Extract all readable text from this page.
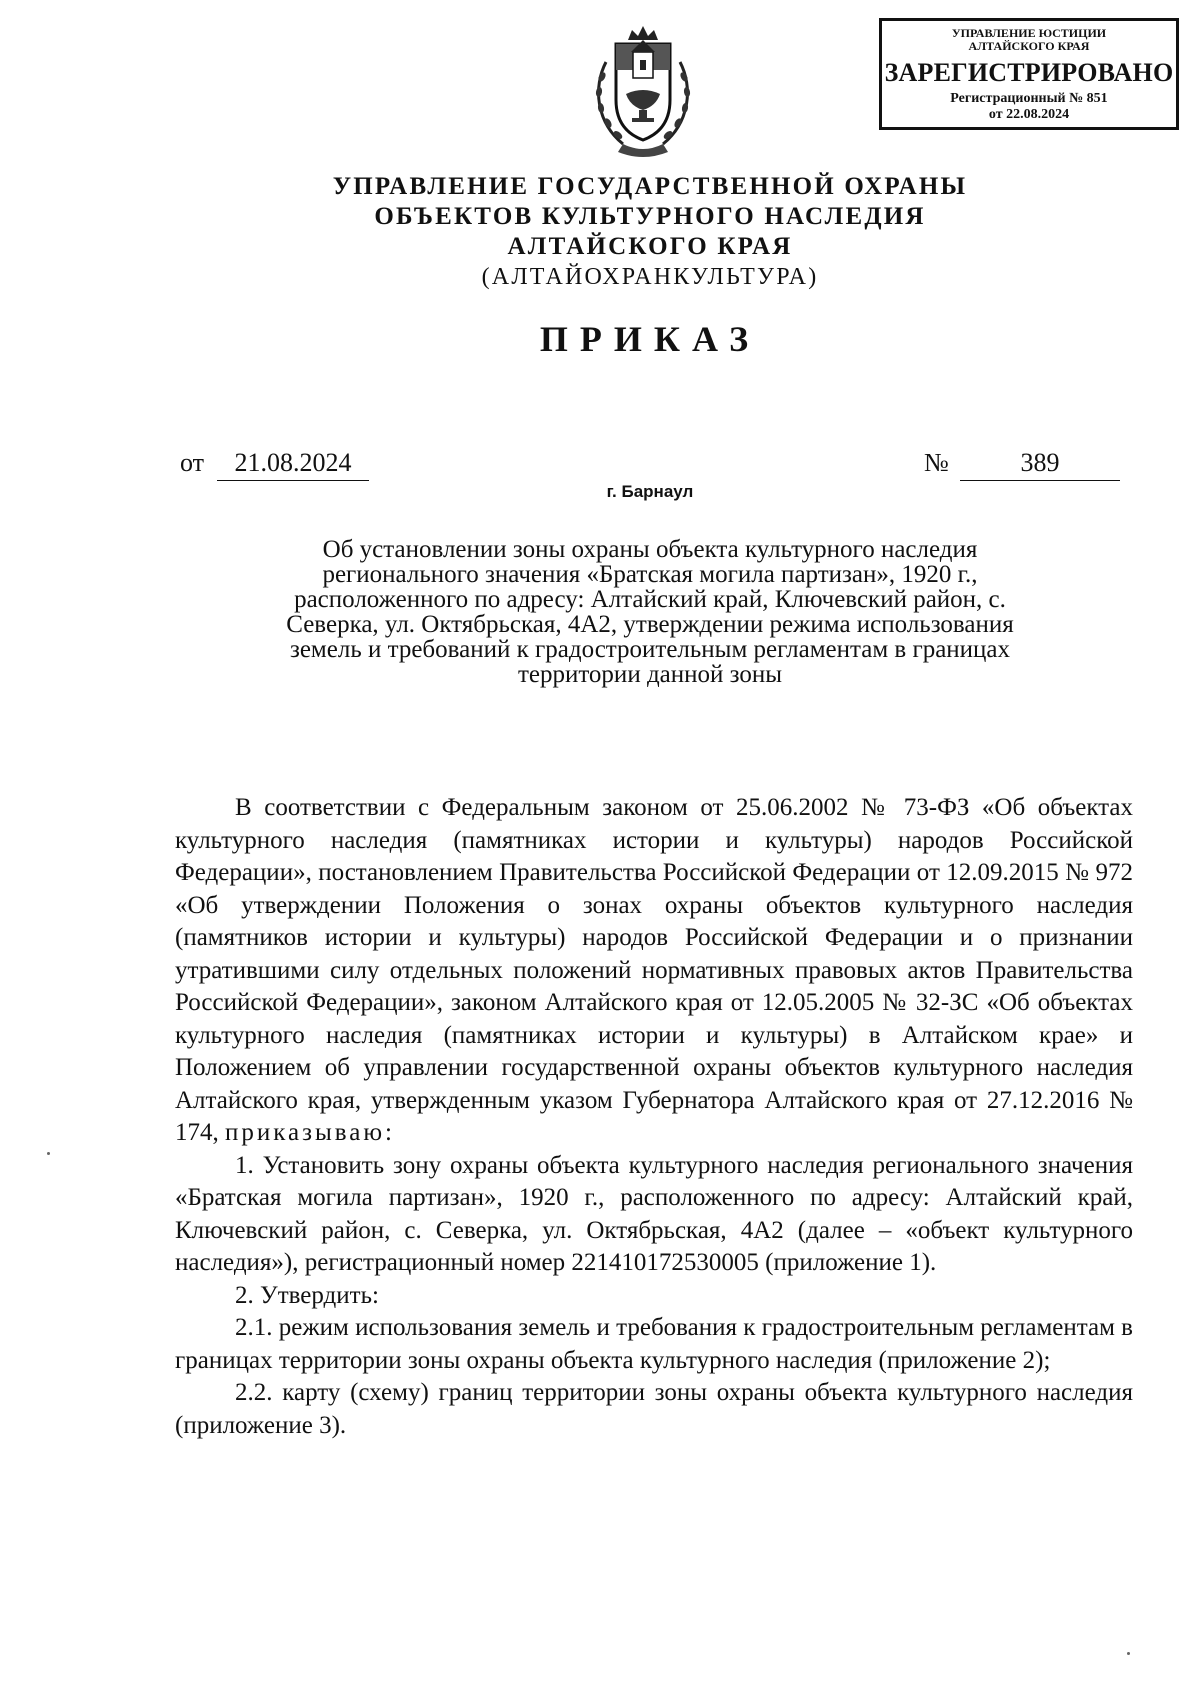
УПРАВЛЕНИЕ ЮСТИЦИИ
АЛТАЙСКОГО КРАЯ
ЗАРЕГИСТРИРОВАНО
Регистрационный № 851
от 22.08.2024
УПРАВЛЕНИЕ ГОСУДАРСТВЕННОЙ ОХРАНЫ
ОБЪЕКТОВ КУЛЬТУРНОГО НАСЛЕДИЯ
АЛТАЙСКОГО КРАЯ
(АЛТАЙОХРАНКУЛЬТУРА)
ПРИКАЗ
от	21.08.2024	№	389
г. Барнаул
Об установлении зоны охраны объекта культурного наследия регионального значения «Братская могила партизан», 1920 г., расположенного по адресу: Алтайский край, Ключевский район, с. Северка, ул. Октябрьская, 4А2, утверждении режима использования земель и требований к градостроительным регламентам в границах территории данной зоны

В соответствии с Федеральным законом от 25.06.2002 № 73-ФЗ «Об объектах культурного наследия (памятниках истории и культуры) народов Российской Федерации», постановлением Правительства Российской Федерации от 12.09.2015 № 972 «Об утверждении Положения о зонах охраны объектов культурного наследия (памятников истории и культуры) народов Российской Федерации и о признании утратившими силу отдельных положений нормативных правовых актов Правительства Российской Федерации», законом Алтайского края от 12.05.2005 № 32-ЗС «Об объектах культурного наследия (памятниках истории и культуры) в Алтайском крае» и Положением об управлении государственной охраны объектов культурного наследия Алтайского края, утвержденным указом Губернатора Алтайского края от 27.12.2016 № 174, приказываю:

1. Установить зону охраны объекта культурного наследия регионального значения «Братская могила партизан», 1920 г., расположенного по адресу: Алтайский край, Ключевский район, с. Северка, ул. Октябрьская, 4А2 (далее – «объект культурного наследия»), регистрационный номер 221410172530005 (приложение 1).

2. Утвердить:

2.1. режим использования земель и требования к градостроительным регламентам в границах территории зоны охраны объекта культурного наследия (приложение 2);

2.2. карту (схему) границ территории зоны охраны объекта культурного наследия (приложение 3).
